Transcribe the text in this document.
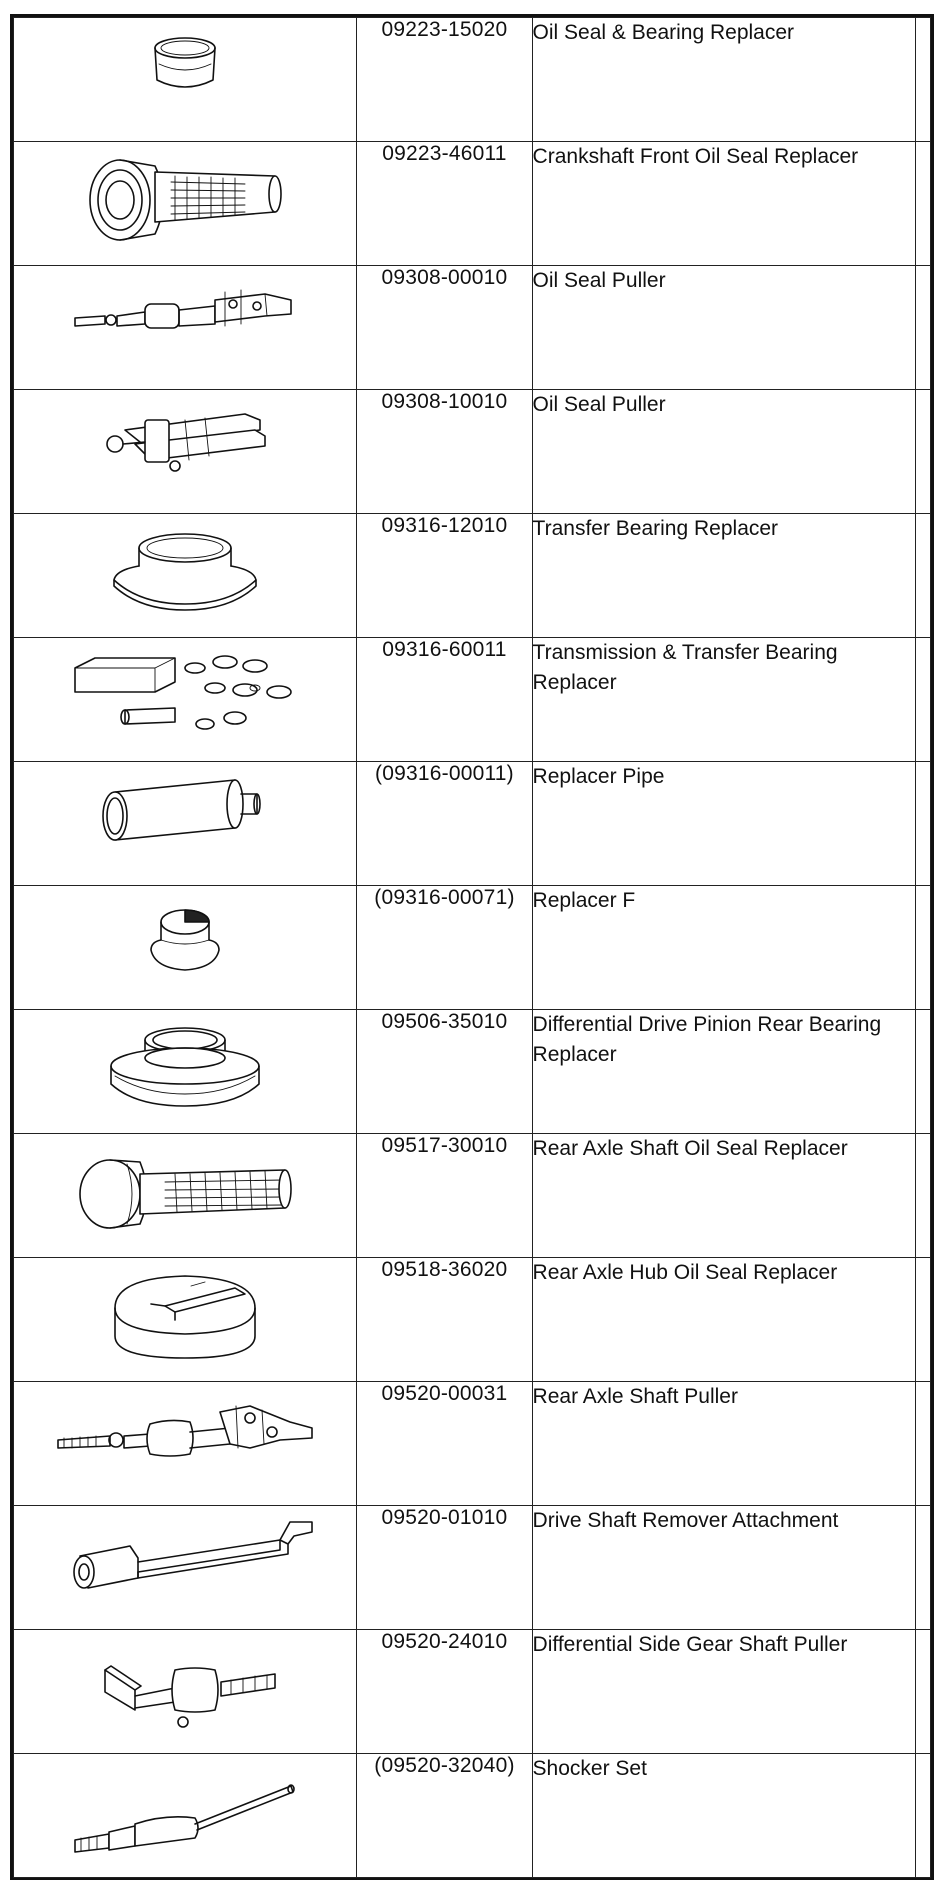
	09223-15020	Oil Seal & Bearing Replacer	

	09223-46011	Crankshaft Front Oil Seal Replacer	

	09308-00010	Oil Seal Puller	

	09308-10010	Oil Seal Puller	

	09316-12010	Transfer Bearing Replacer	

	09316-60011	Transmission & Transfer Bearing Replacer	

	(09316-00011)	Replacer Pipe	

	(09316-00071)	Replacer F	

	09506-35010	Differential Drive Pinion Rear Bearing Replacer	

	09517-30010	Rear Axle Shaft Oil Seal Replacer	

	09518-36020	Rear Axle Hub Oil Seal Replacer	

	09520-00031	Rear Axle Shaft Puller	

	09520-01010	Drive Shaft Remover Attachment	

	09520-24010	Differential Side Gear Shaft Puller	

	(09520-32040)	Shocker Set	
